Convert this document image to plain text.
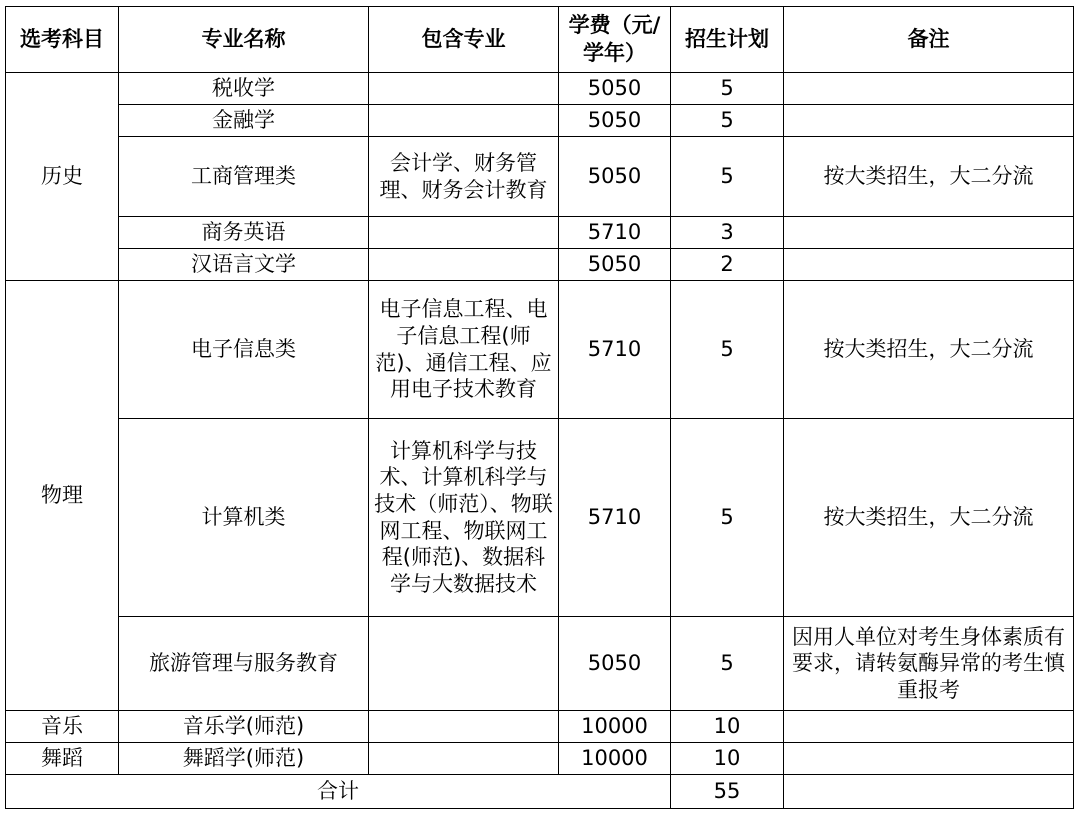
选考科目	专业名称	包含专业	学费（元/学年）	招生计划	备注
历史	税收学		5050	5	
	金融学		5050	5	
	工商管理类	会计学、财务管理、财务会计教育	5050	5	按大类招生，大二分流
	商务英语		5710	3	
	汉语言文学		5050	2	
物理	电子信息类	电子信息工程、电子信息工程(师范)、通信工程、应用电子技术教育	5710	5	按大类招生，大二分流
	计算机类	计算机科学与技术、计算机科学与技术（师范）、物联网工程、物联网工程(师范)、数据科学与大数据技术	5710	5	按大类招生，大二分流
	旅游管理与服务教育		5050	5	因用人单位对考生身体素质有要求，请转氨酶异常的考生慎重报考
音乐	音乐学(师范)		10000	10	
舞蹈	舞蹈学(师范)		10000	10	
合计				55	
